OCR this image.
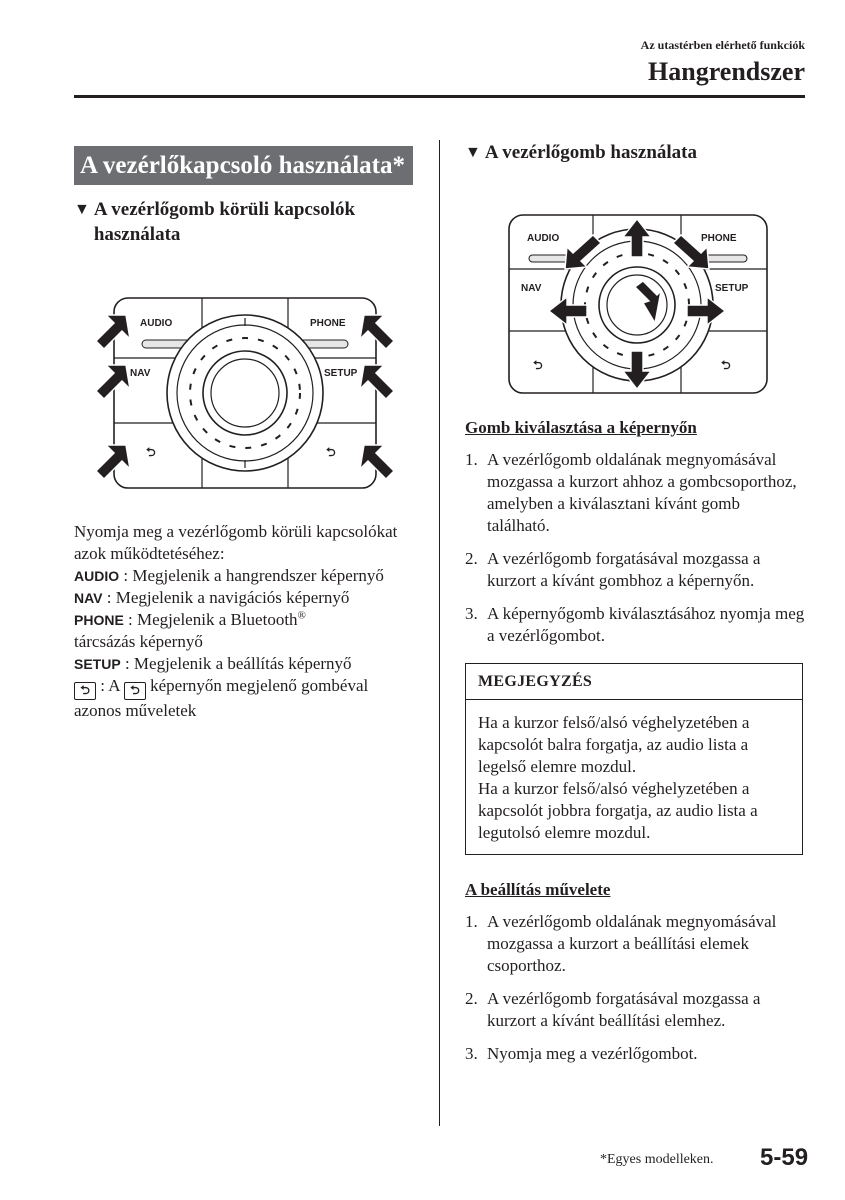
Az utastérben elérhető funkciók
Hangrendszer
A vezérlőkapcsoló használata*
▼ A vezérlőgomb körüli kapcsolók használata
AUDIO	PHONE
NAV	SETUP
⮌	⮌
Nyomja meg a vezérlőgomb körüli kapcsolókat azok működtetéséhez:
AUDIO : Megjelenik a hangrendszer képernyő
NAV : Megjelenik a navigációs képernyő
PHONE : Megjelenik a Bluetooth®
tárcsázás képernyő
SETUP : Megjelenik a beállítás képernyő
⮌ : A ⮌ képernyőn megjelenő gombéval azonos műveletek
▼ A vezérlőgomb használata
AUDIO	PHONE
NAV	SETUP
⮌	⮌
Gomb kiválasztása a képernyőn
1. A vezérlőgomb oldalának megnyomásával mozgassa a kurzort ahhoz a gombcsoporthoz, amelyben a kiválasztani kívánt gomb található.
2. A vezérlőgomb forgatásával mozgassa a kurzort a kívánt gombhoz a képernyőn.
3. A képernyőgomb kiválasztásához nyomja meg a vezérlőgombot.
MEGJEGYZÉS
Ha a kurzor felső/alsó véghelyzetében a kapcsolót balra forgatja, az audio lista a legelső elemre mozdul.
Ha a kurzor felső/alsó véghelyzetében a kapcsolót jobbra forgatja, az audio lista a legutolsó elemre mozdul.
A beállítás művelete
1. A vezérlőgomb oldalának megnyomásával mozgassa a kurzort a beállítási elemek csoporthoz.
2. A vezérlőgomb forgatásával mozgassa a kurzort a kívánt beállítási elemhez.
3. Nyomja meg a vezérlőgombot.
*Egyes modelleken. 5-59
